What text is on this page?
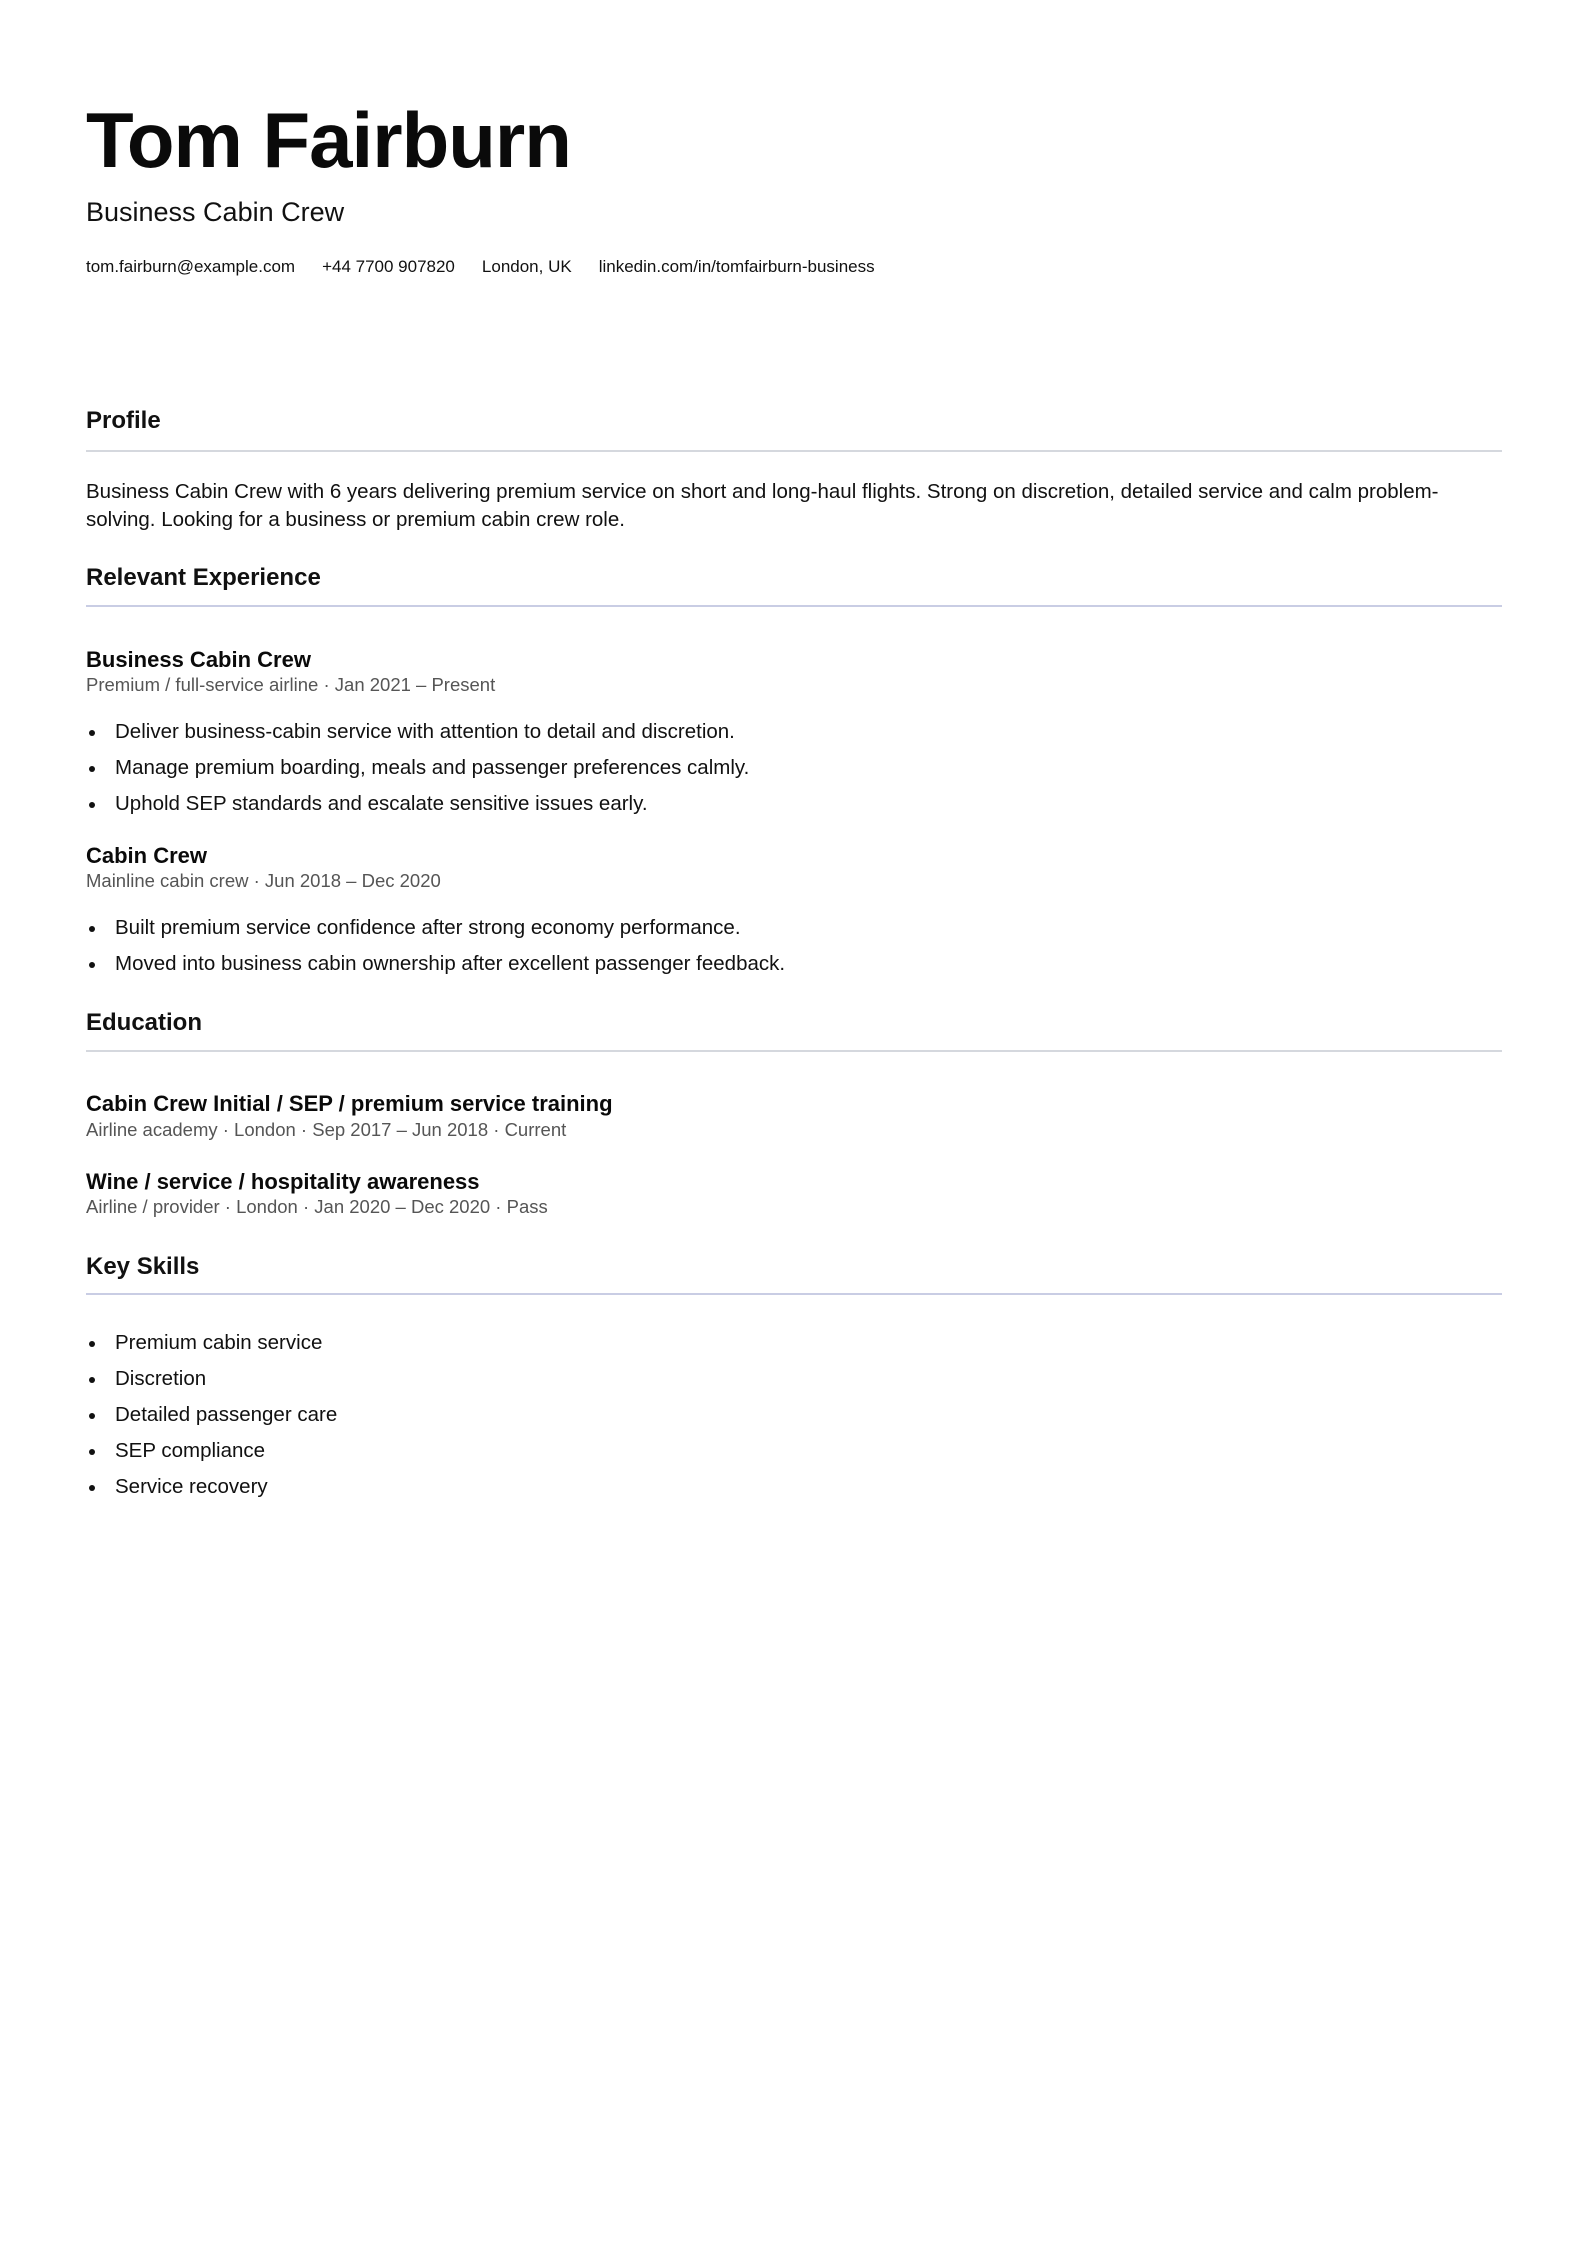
Tom Fairburn
Business Cabin Crew
tom.fairburn@example.com +44 7700 907820 London, UK linkedin.com/in/tomfairburn-business
Profile

Business Cabin Crew with 6 years delivering premium service on short and long-haul flights. Strong on discretion, detailed service and calm problem-solving. Looking for a business or premium cabin crew role.

Relevant Experience
Business Cabin Crew
Premium / full-service airline · Jan 2021 – Present
Deliver business-cabin service with attention to detail and discretion.
Manage premium boarding, meals and passenger preferences calmly.
Uphold SEP standards and escalate sensitive issues early.
Cabin Crew
Mainline cabin crew · Jun 2018 – Dec 2020
Built premium service confidence after strong economy performance.
Moved into business cabin ownership after excellent passenger feedback.
Education
Cabin Crew Initial / SEP / premium service training
Airline academy · London · Sep 2017 – Jun 2018 · Current
Wine / service / hospitality awareness
Airline / provider · London · Jan 2020 – Dec 2020 · Pass
Key Skills
Premium cabin service
Discretion
Detailed passenger care
SEP compliance
Service recovery
